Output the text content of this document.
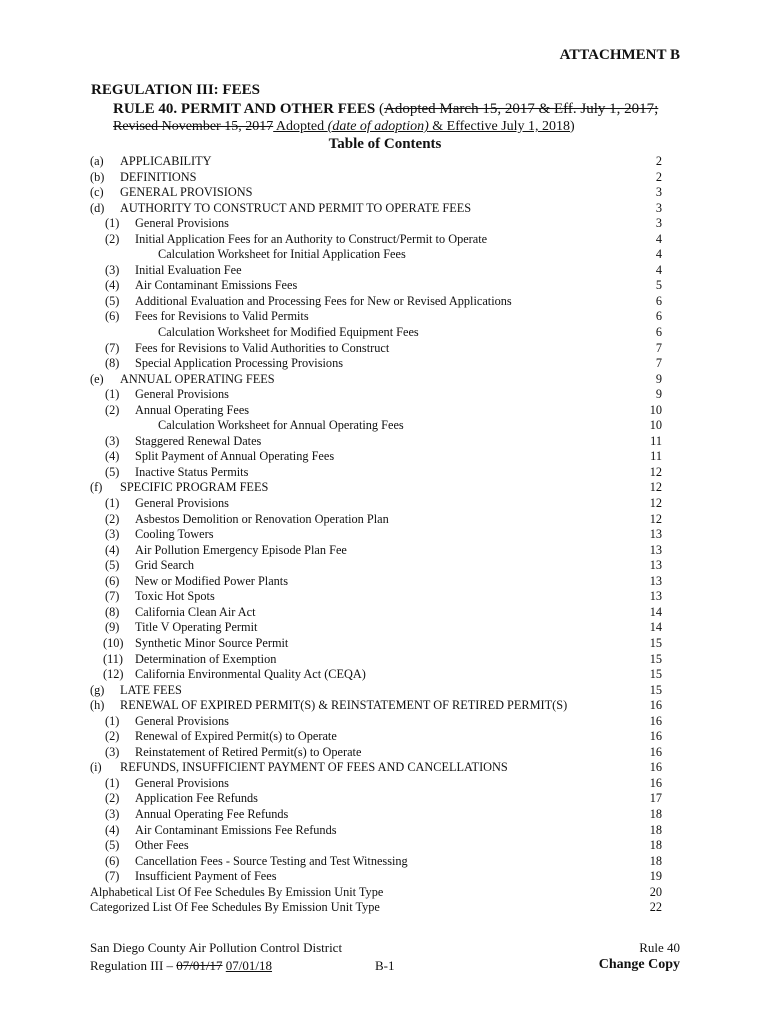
ATTACHMENT B
REGULATION III: FEES
RULE 40. PERMIT AND OTHER FEES (Adopted March 15, 2017 & Eff. July 1, 2017;
Revised November 15, 2017 Adopted (date of adoption) & Effective July 1, 2018)
Table of Contents
(a) APPLICABILITY	2
(b) DEFINITIONS	2
(c) GENERAL PROVISIONS	3
(d) AUTHORITY TO CONSTRUCT AND PERMIT TO OPERATE FEES	3
(1) General Provisions	3
(2) Initial Application Fees for an Authority to Construct/Permit to Operate	4
Calculation Worksheet for Initial Application Fees	4
(3) Initial Evaluation Fee	4
(4) Air Contaminant Emissions Fees	5
(5) Additional Evaluation and Processing Fees for New or Revised Applications	6
(6) Fees for Revisions to Valid Permits	6
Calculation Worksheet for Modified Equipment Fees	6
(7) Fees for Revisions to Valid Authorities to Construct	7
(8) Special Application Processing Provisions	7
(e) ANNUAL OPERATING FEES	9
(1) General Provisions	9
(2) Annual Operating Fees	10
Calculation Worksheet for Annual Operating Fees	10
(3) Staggered Renewal Dates	11
(4) Split Payment of Annual Operating Fees	11
(5) Inactive Status Permits	12
(f) SPECIFIC PROGRAM FEES	12
(1) General Provisions	12
(2) Asbestos Demolition or Renovation Operation Plan	12
(3) Cooling Towers	13
(4) Air Pollution Emergency Episode Plan Fee	13
(5) Grid Search	13
(6) New or Modified Power Plants	13
(7) Toxic Hot Spots	13
(8) California Clean Air Act	14
(9) Title V Operating Permit	14
(10) Synthetic Minor Source Permit	15
(11) Determination of Exemption	15
(12) California Environmental Quality Act (CEQA)	15
(g) LATE FEES	15
(h) RENEWAL OF EXPIRED PERMIT(S) & REINSTATEMENT OF RETIRED PERMIT(S)	16
(1) General Provisions	16
(2) Renewal of Expired Permit(s) to Operate	16
(3) Reinstatement of Retired Permit(s) to Operate	16
(i) REFUNDS, INSUFFICIENT PAYMENT OF FEES AND CANCELLATIONS	16
(1) General Provisions	16
(2) Application Fee Refunds	17
(3) Annual Operating Fee Refunds	18
(4) Air Contaminant Emissions Fee Refunds	18
(5) Other Fees	18
(6) Cancellation Fees - Source Testing and Test Witnessing	18
(7) Insufficient Payment of Fees	19
Alphabetical List Of Fee Schedules By Emission Unit Type	20
Categorized List Of Fee Schedules By Emission Unit Type	22
San Diego County Air Pollution Control District	Rule 40
Regulation III – 07/01/17 07/01/18	B-1	Change Copy
